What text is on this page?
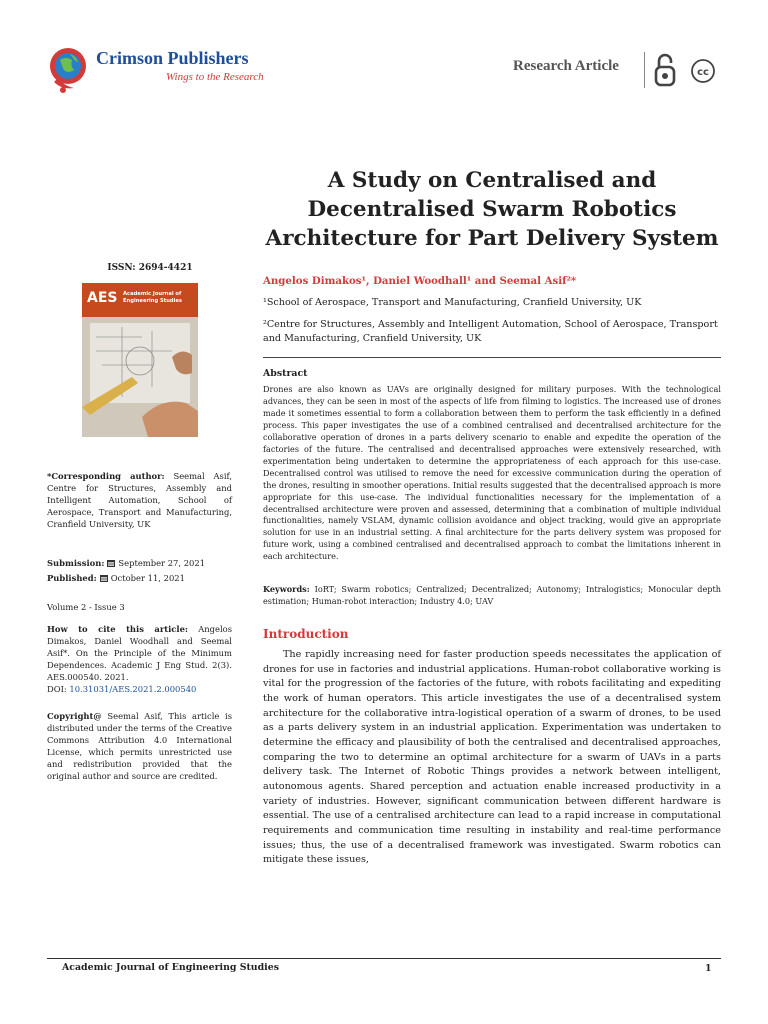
Crimson Publishers
Wings to the Research
Research Article	cc
A Study on Centralised and Decentralised Swarm Robotics Architecture for Part Delivery System
ISSN: 2694-4421
AES Academic Journal of Engineering Studies
*Corresponding author: Seemal Asif, Centre for Structures, Assembly and Intelligent Automation, School of Aerospace, Transport and Manufacturing, Cranfield University, UK
Submission: September 27, 2021
Published: October 11, 2021
Volume 2 - Issue 3
How to cite this article: Angelos Dimakos, Daniel Woodhall and Seemal Asif*. On the Principle of the Minimum Dependences. Academic J Eng Stud. 2(3). AES.000540. 2021.
DOI: 10.31031/AES.2021.2.000540
Copyright@ Seemal Asif, This article is distributed under the terms of the Creative Commons Attribution 4.0 International License, which permits unrestricted use and redistribution provided that the original author and source are credited.
Angelos Dimakos¹, Daniel Woodhall¹ and Seemal Asif²*
¹School of Aerospace, Transport and Manufacturing, Cranfield University, UK
²Centre for Structures, Assembly and Intelligent Automation, School of Aerospace, Transport and Manufacturing, Cranfield University, UK
Abstract
Drones are also known as UAVs are originally designed for military purposes. With the technological advances, they can be seen in most of the aspects of life from filming to logistics. The increased use of drones made it sometimes essential to form a collaboration between them to perform the task efficiently in a defined process. This paper investigates the use of a combined centralised and decentralised architecture for the collaborative operation of drones in a parts delivery scenario to enable and expedite the operation of the factories of the future. The centralised and decentralised approaches were extensively researched, with experimentation being undertaken to determine the appropriateness of each approach for this use-case. Decentralised control was utilised to remove the need for excessive communication during the operation of the drones, resulting in smoother operations. Initial results suggested that the decentralised approach is more appropriate for this use-case. The individual functionalities necessary for the implementation of a decentralised architecture were proven and assessed, determining that a combination of multiple individual functionalities, namely VSLAM, dynamic collision avoidance and object tracking, would give an appropriate solution for use in an industrial setting. A final architecture for the parts delivery system was proposed for future work, using a combined centralised and decentralised approach to combat the limitations inherent in each architecture.
Keywords: IoRT; Swarm robotics; Centralized; Decentralized; Autonomy; Intralogistics; Monocular depth estimation; Human-robot interaction; Industry 4.0; UAV
Introduction
The rapidly increasing need for faster production speeds necessitates the application of drones for use in factories and industrial applications. Human-robot collaborative working is vital for the progression of the factories of the future, with robots facilitating and expediting the work of human operators. This article investigates the use of a decentralised system architecture for the collaborative intra-logistical operation of a swarm of drones, to be used as a parts delivery system in an industrial application. Experimentation was undertaken to determine the efficacy and plausibility of both the centralised and decentralised approaches, comparing the two to determine an optimal architecture for a swarm of UAVs in a parts delivery task. The Internet of Robotic Things provides a network between intelligent, autonomous agents. Shared perception and actuation enable increased productivity in a variety of industries. However, significant communication between different hardware is essential. The use of a centralised architecture can lead to a rapid increase in computational requirements and communication time resulting in instability and real-time performance issues; thus, the use of a decentralised framework was investigated. Swarm robotics can mitigate these issues,
Academic Journal of Engineering Studies	1
